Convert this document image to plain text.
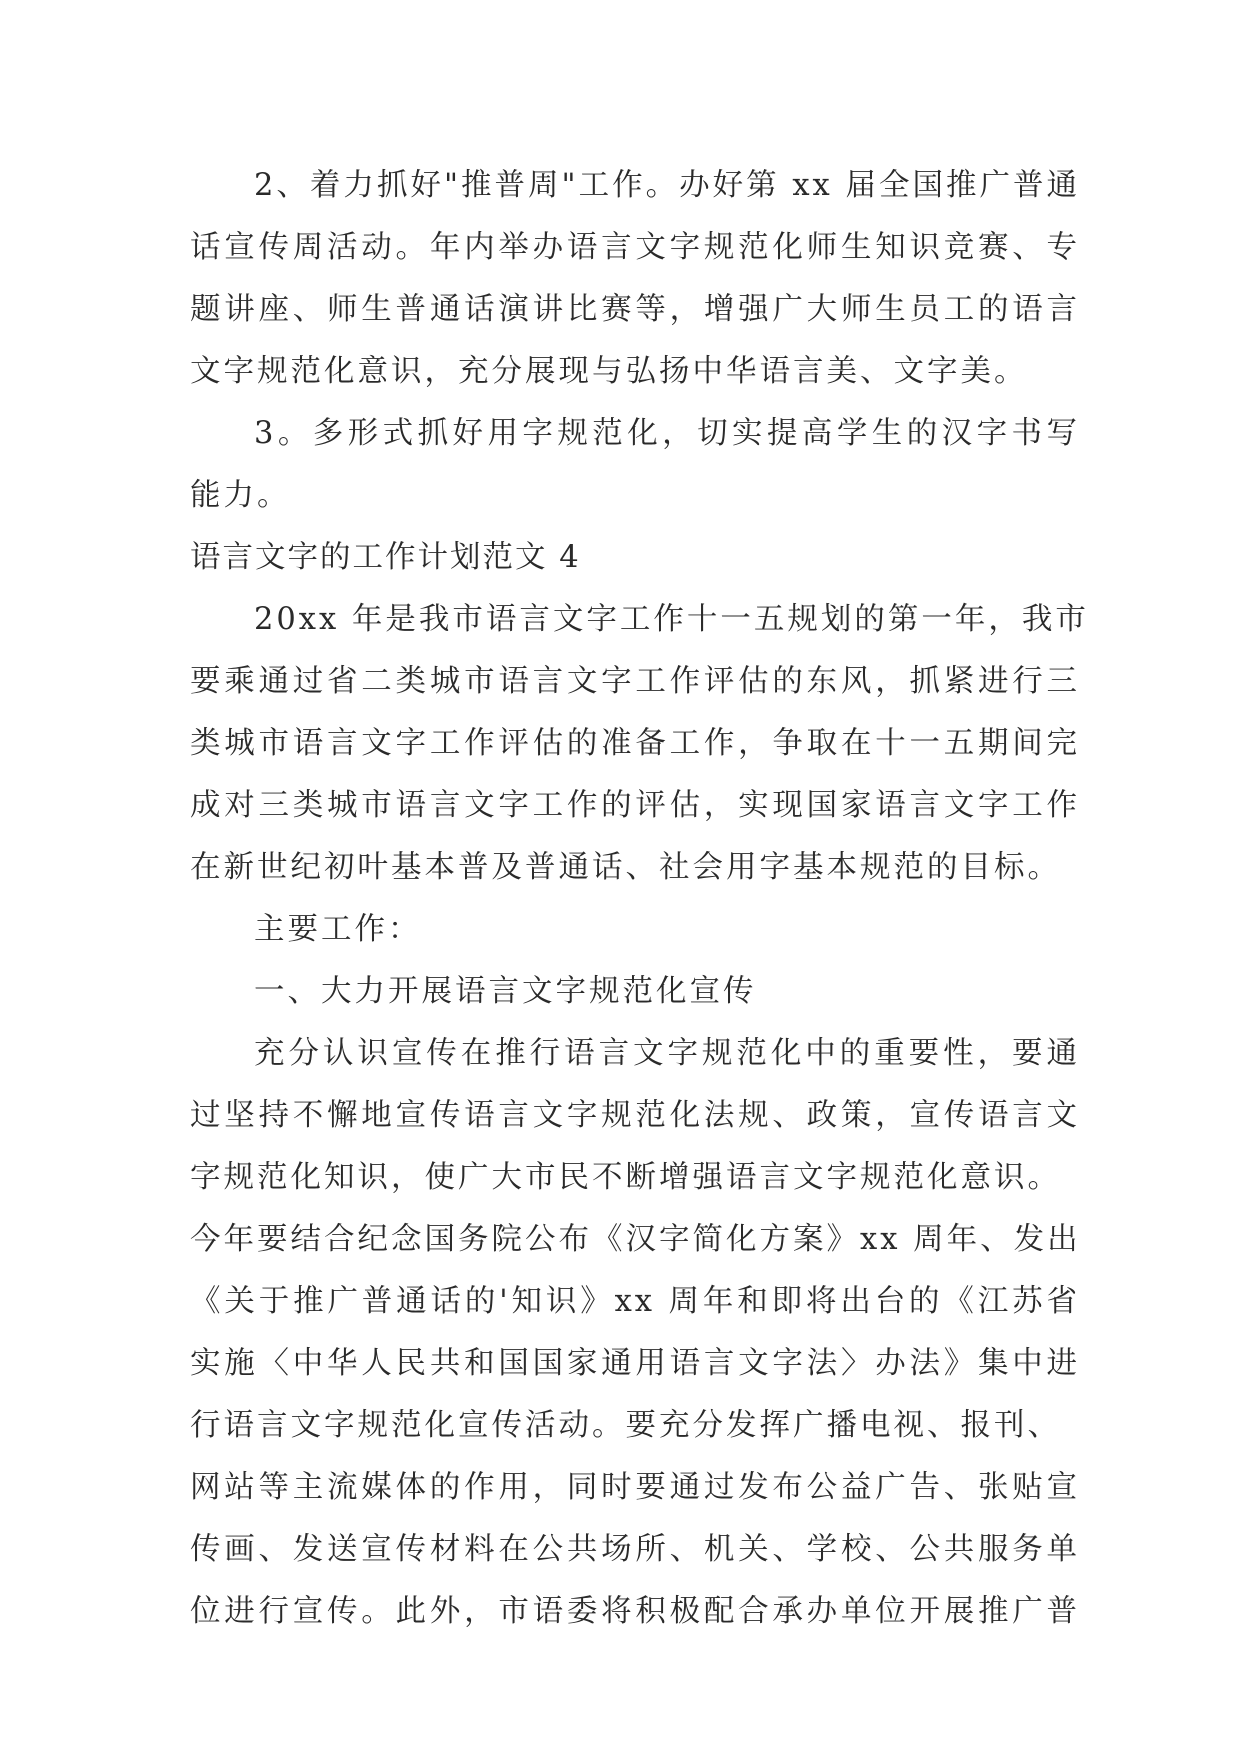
2、着力抓好"推普周"工作。办好第 xx 届全国推广普通
话宣传周活动。年内举办语言文字规范化师生知识竞赛、专
题讲座、师生普通话演讲比赛等，增强广大师生员工的语言
文字规范化意识，充分展现与弘扬中华语言美、文字美。
3。多形式抓好用字规范化，切实提高学生的汉字书写
能力。
语言文字的工作计划范文 4
20xx 年是我市语言文字工作十一五规划的第一年，我市
要乘通过省二类城市语言文字工作评估的东风，抓紧进行三
类城市语言文字工作评估的准备工作，争取在十一五期间完
成对三类城市语言文字工作的评估，实现国家语言文字工作
在新世纪初叶基本普及普通话、社会用字基本规范的目标。
主要工作：
一、大力开展语言文字规范化宣传
充分认识宣传在推行语言文字规范化中的重要性，要通
过坚持不懈地宣传语言文字规范化法规、政策，宣传语言文
字规范化知识，使广大市民不断增强语言文字规范化意识。
今年要结合纪念国务院公布《汉字简化方案》xx 周年、发出
《关于推广普通话的'知识》xx 周年和即将出台的《江苏省
实施〈中华人民共和国国家通用语言文字法〉办法》集中进
行语言文字规范化宣传活动。要充分发挥广播电视、报刊、
网站等主流媒体的作用，同时要通过发布公益广告、张贴宣
传画、发送宣传材料在公共场所、机关、学校、公共服务单
位进行宣传。此外，市语委将积极配合承办单位开展推广普
